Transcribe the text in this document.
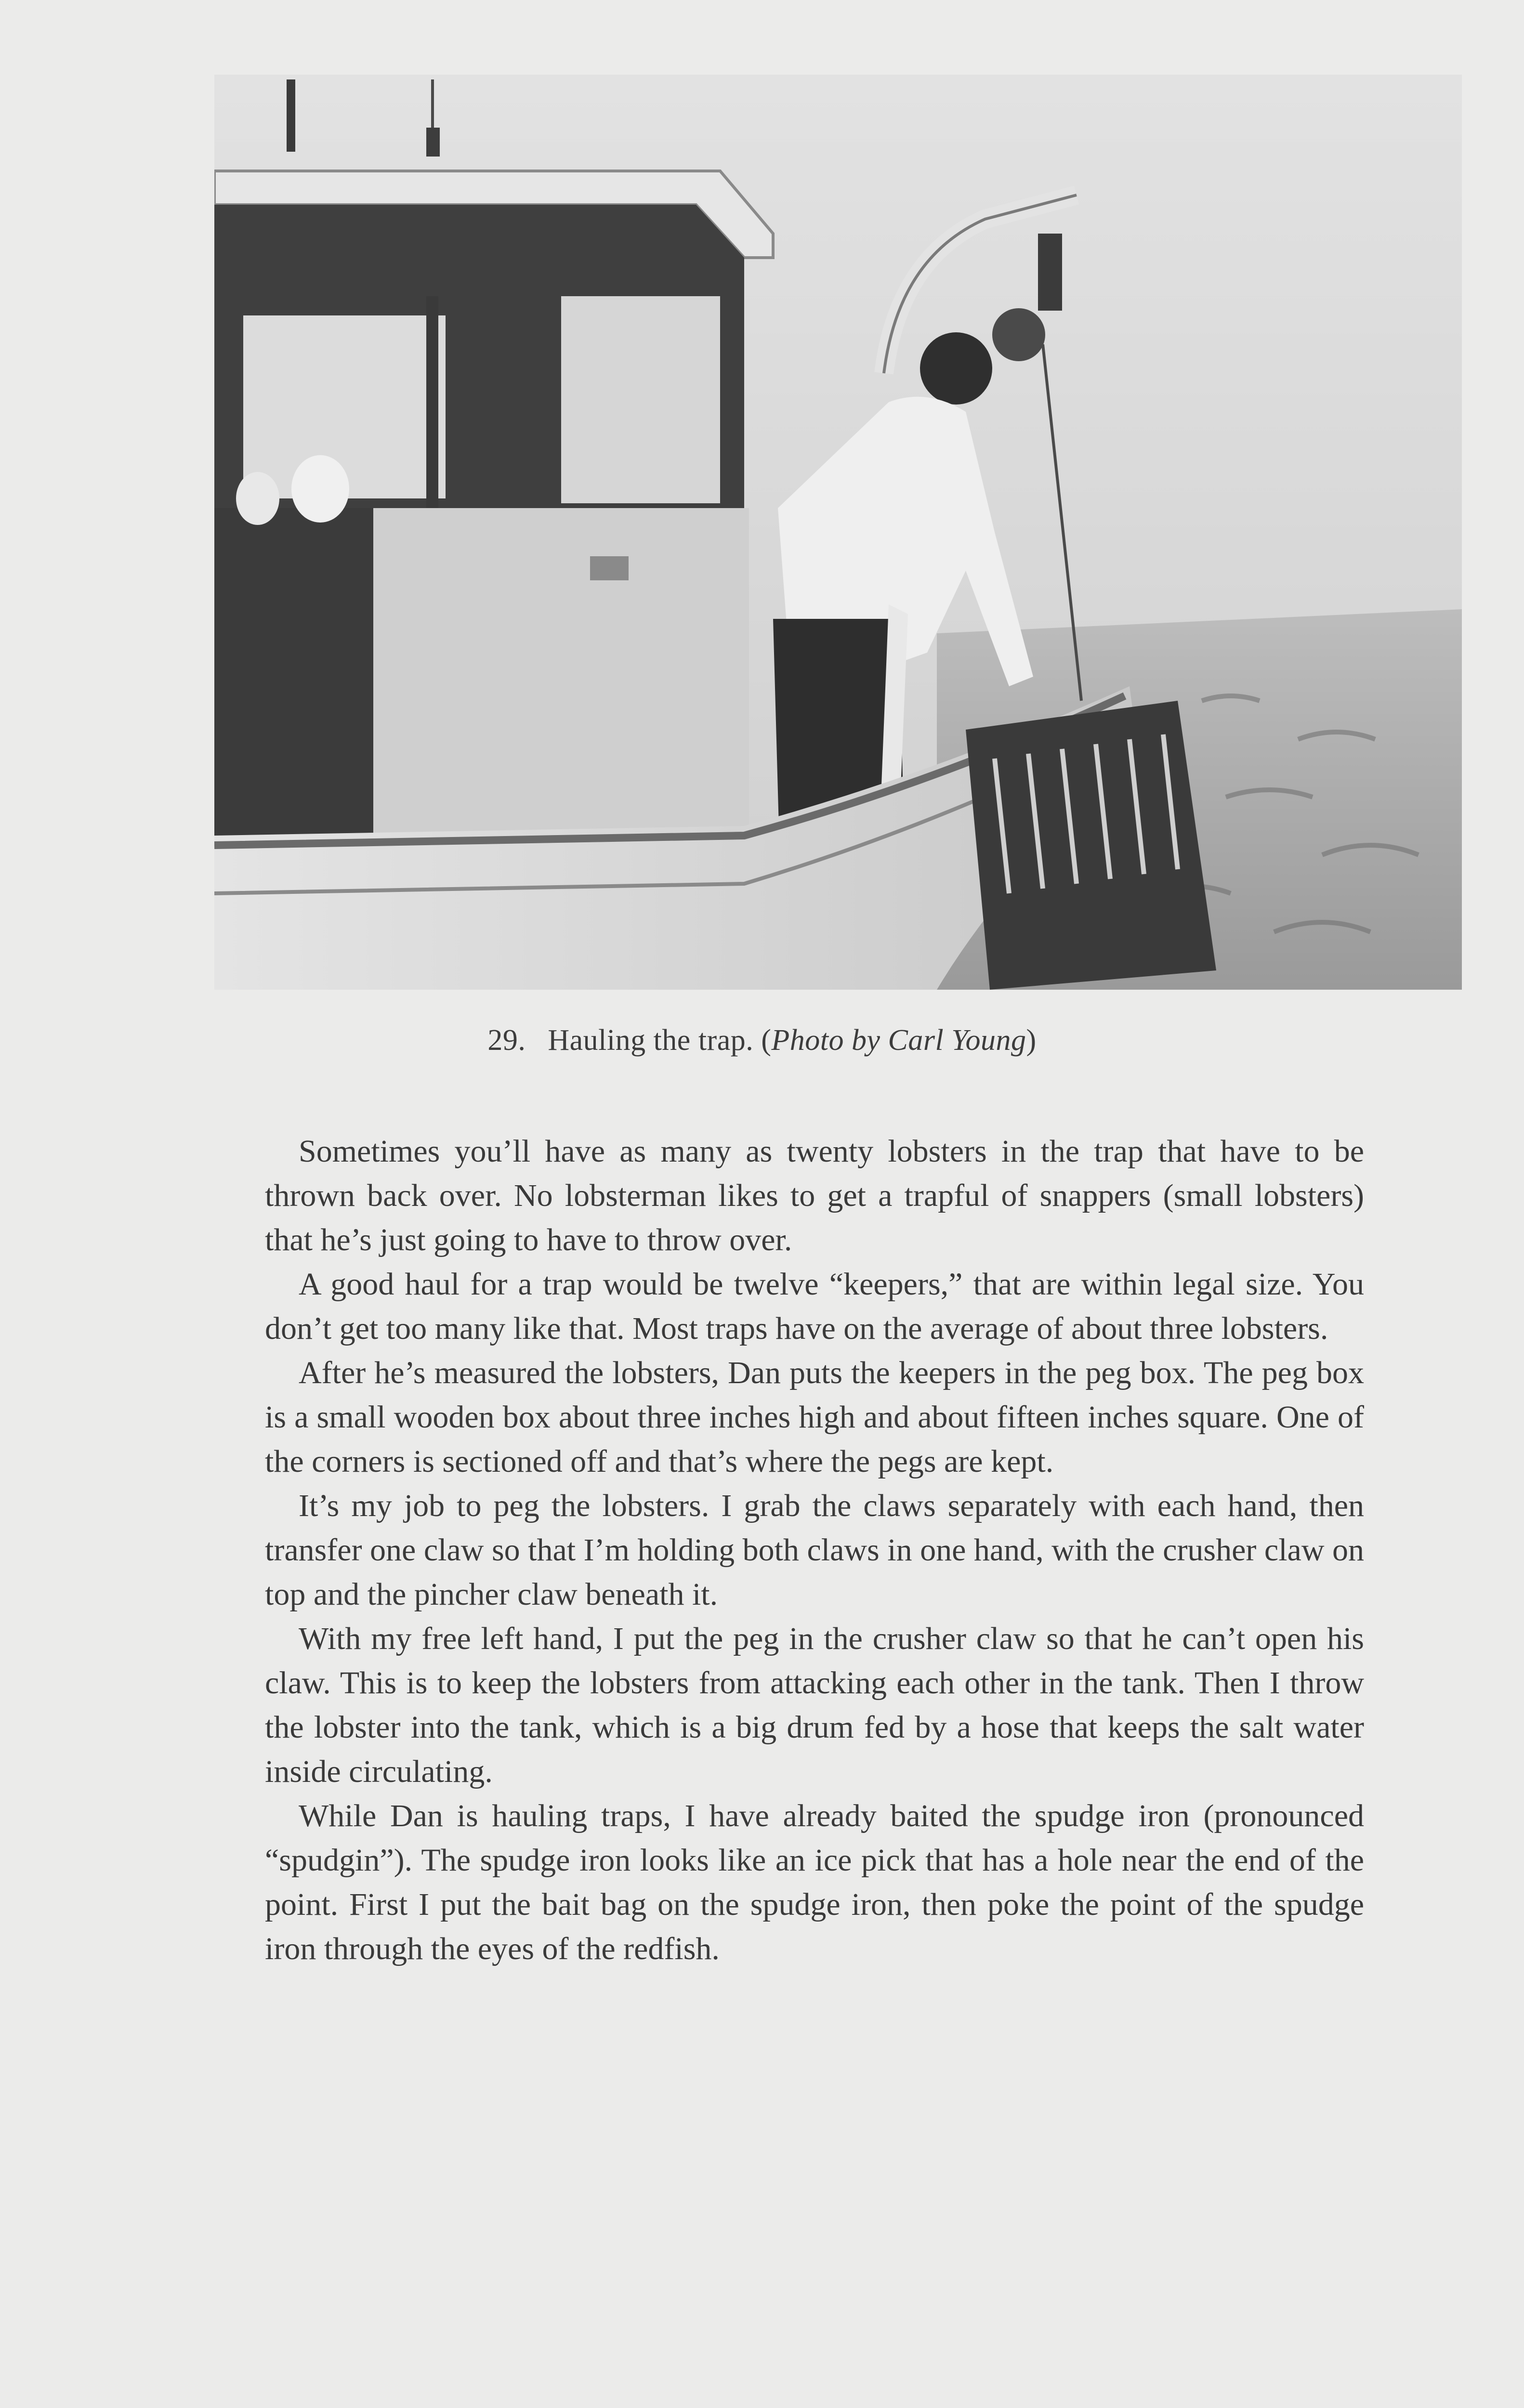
29. Hauling the trap. (Photo by Carl Young)

Sometimes you’ll have as many as twenty lobsters in the trap that have to be thrown back over. No lobsterman likes to get a trapful of snappers (small lobsters) that he’s just going to have to throw over.

A good haul for a trap would be twelve “keepers,” that are within legal size. You don’t get too many like that. Most traps have on the average of about three lobsters.

After he’s measured the lobsters, Dan puts the keepers in the peg box. The peg box is a small wooden box about three inches high and about fifteen inches square. One of the corners is sectioned off and that’s where the pegs are kept.

It’s my job to peg the lobsters. I grab the claws separately with each hand, then transfer one claw so that I’m holding both claws in one hand, with the crusher claw on top and the pincher claw beneath it.

With my free left hand, I put the peg in the crusher claw so that he can’t open his claw. This is to keep the lobsters from attacking each other in the tank. Then I throw the lobster into the tank, which is a big drum fed by a hose that keeps the salt water inside circulating.

While Dan is hauling traps, I have already baited the spudge iron (pronounced “spudgin”). The spudge iron looks like an ice pick that has a hole near the end of the point. First I put the bait bag on the spudge iron, then poke the point of the spudge iron through the eyes of the redfish.
